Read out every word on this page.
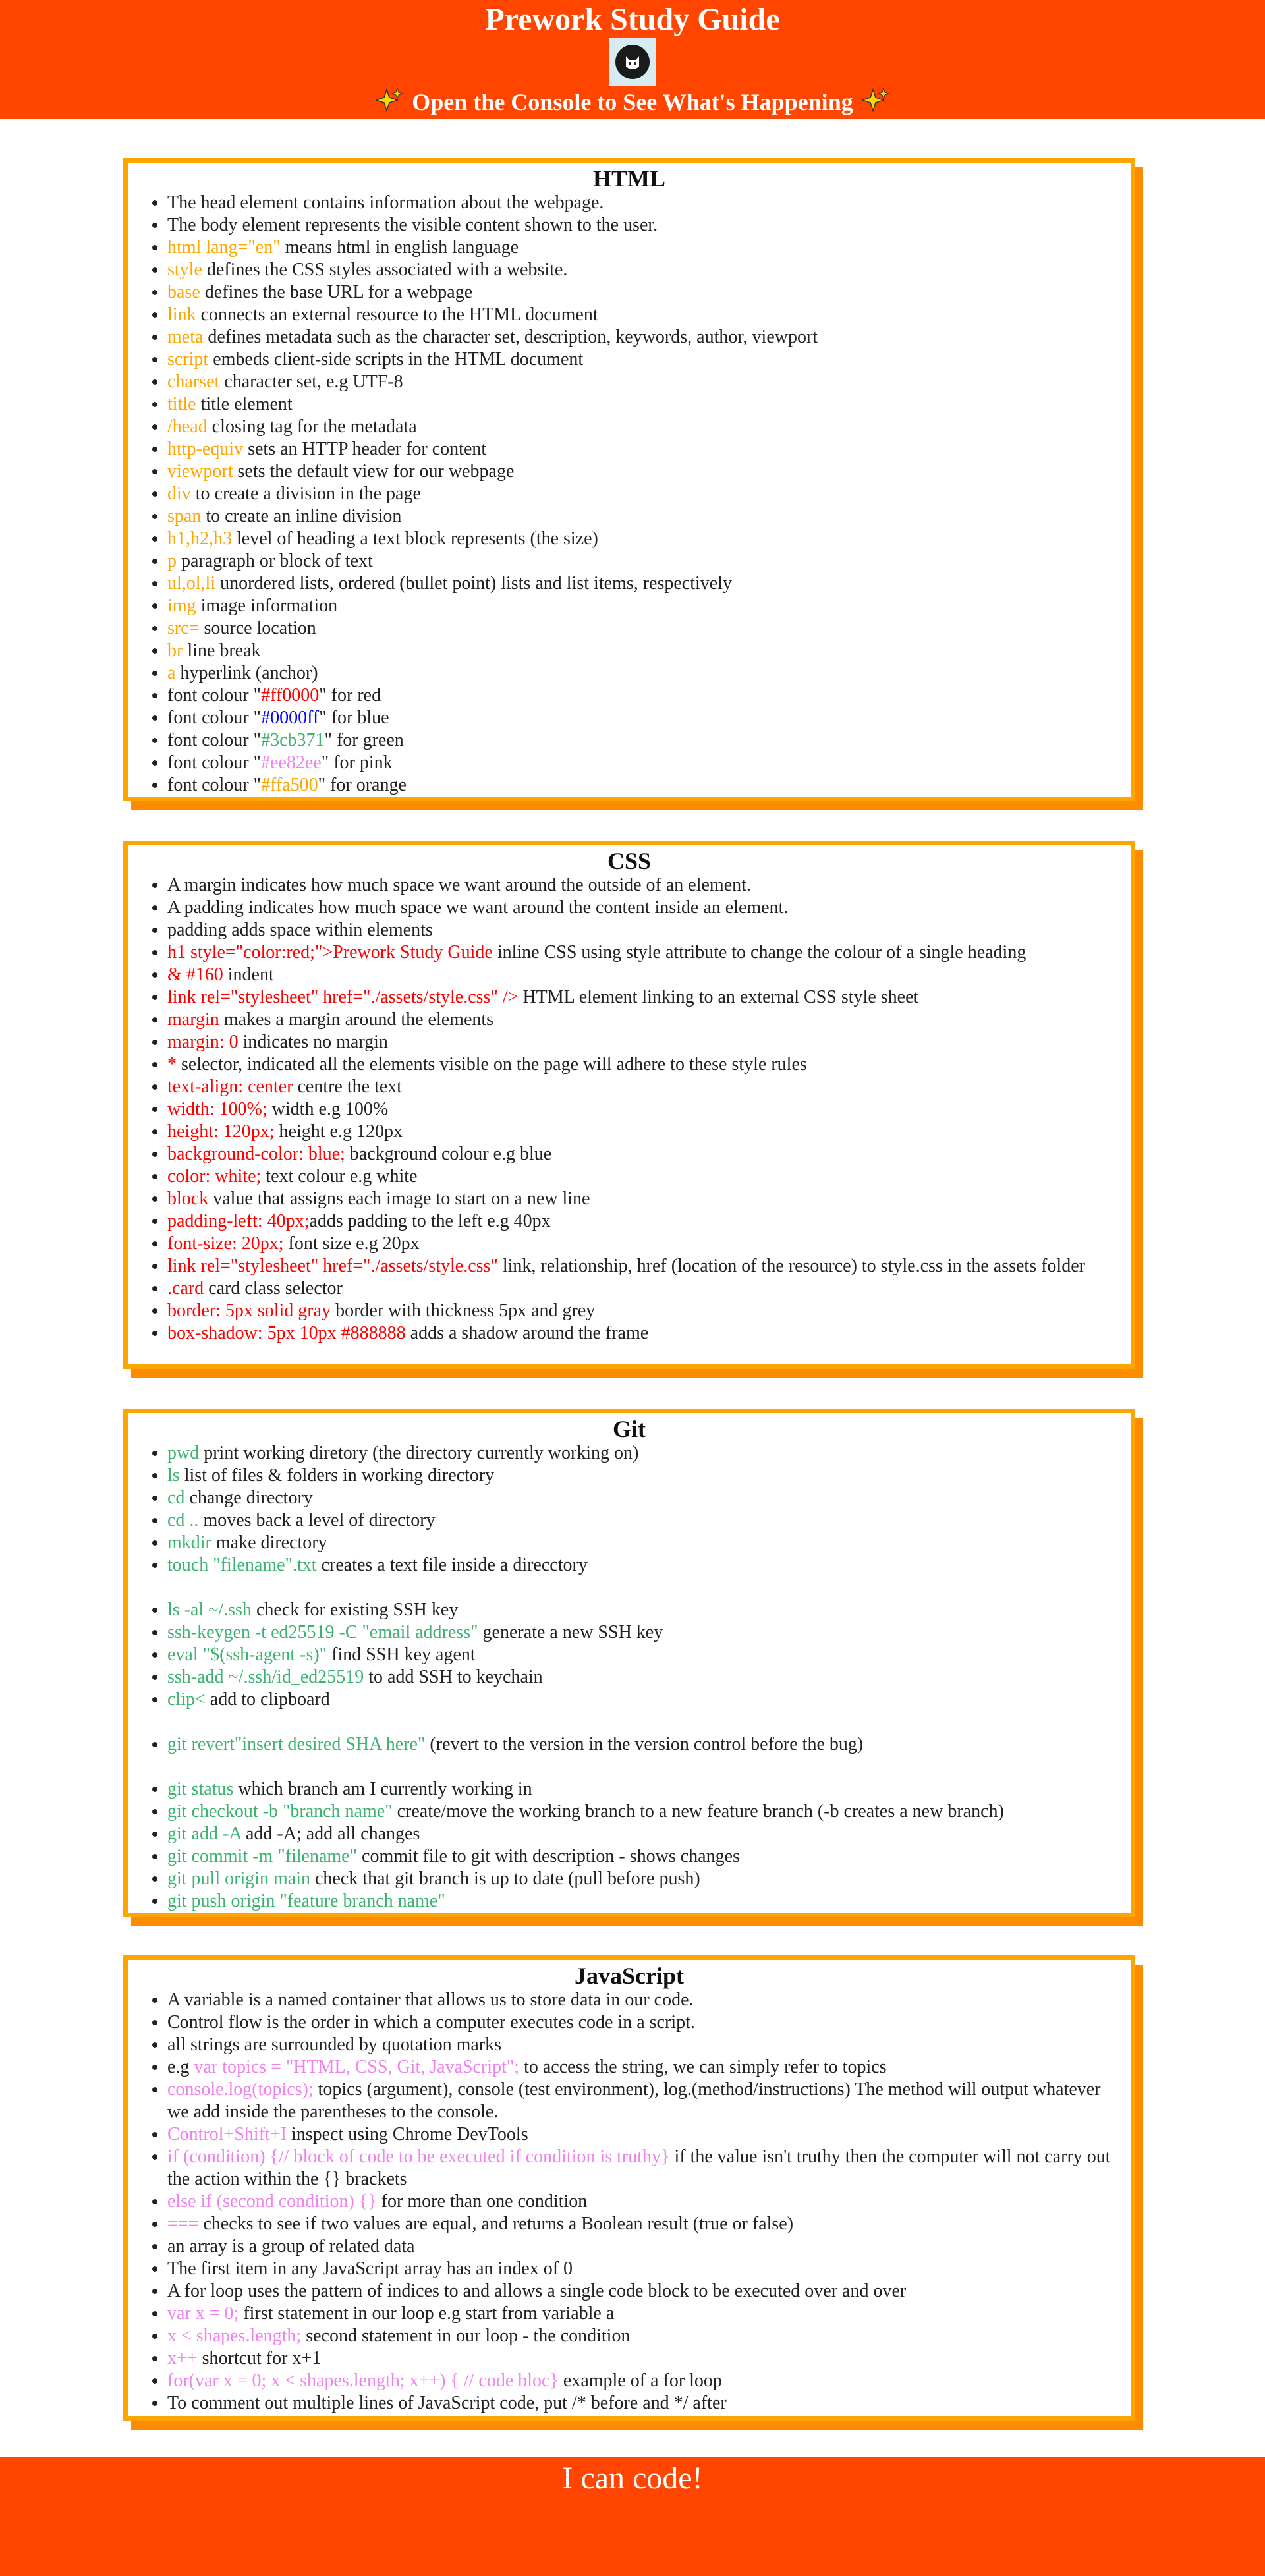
Prework Study Guide
Open the Console to See What's Happening
HTML
• The head element contains information about the webpage.
• The body element represents the visible content shown to the user.
• html lang="en" means html in english language
• style defines the CSS styles associated with a website.
• base defines the base URL for a webpage
• link connects an external resource to the HTML document
• meta defines metadata such as the character set, description, keywords, author, viewport
• script embeds client-side scripts in the HTML document
• charset character set, e.g UTF-8
• title title element
• /head closing tag for the metadata
• http-equiv sets an HTTP header for content
• viewport sets the default view for our webpage
• div to create a division in the page
• span to create an inline division
• h1,h2,h3 level of heading a text block represents (the size)
• p paragraph or block of text
• ul,ol,li unordered lists, ordered (bullet point) lists and list items, respectively
• img image information
• src= source location
• br line break
• a hyperlink (anchor)
• font colour "#ff0000" for red
• font colour "#0000ff" for blue
• font colour "#3cb371" for green
• font colour "#ee82ee" for pink
• font colour "#ffa500" for orange
CSS
• A margin indicates how much space we want around the outside of an element.
• A padding indicates how much space we want around the content inside an element.
• padding adds space within elements
• h1 style="color:red;">Prework Study Guide inline CSS using style attribute to change the colour of a single heading
• & #160 indent
• link rel="stylesheet" href="./assets/style.css" /> HTML element linking to an external CSS style sheet
• margin makes a margin around the elements
• margin: 0 indicates no margin
• * selector, indicated all the elements visible on the page will adhere to these style rules
• text-align: center centre the text
• width: 100%; width e.g 100%
• height: 120px; height e.g 120px
• background-color: blue; background colour e.g blue
• color: white; text colour e.g white
• block value that assigns each image to start on a new line
• padding-left: 40px;adds padding to the left e.g 40px
• font-size: 20px; font size e.g 20px
• link rel="stylesheet" href="./assets/style.css" link, relationship, href (location of the resource) to style.css in the assets folder
• .card card class selector
• border: 5px solid gray border with thickness 5px and grey
• box-shadow: 5px 10px #888888 adds a shadow around the frame
Git
• pwd print working diretory (the directory currently working on)
• ls list of files & folders in working directory
• cd change directory
• cd .. moves back a level of directory
• mkdir make directory
• touch "filename".txt creates a text file inside a direcctory
• ls -al ~/.ssh check for existing SSH key
• ssh-keygen -t ed25519 -C "email address" generate a new SSH key
• eval "$(ssh-agent -s)" find SSH key agent
• ssh-add ~/.ssh/id_ed25519 to add SSH to keychain
• clip< add to clipboard
• git revert"insert desired SHA here" (revert to the version in the version control before the bug)
• git status which branch am I currently working in
• git checkout -b "branch name" create/move the working branch to a new feature branch (-b creates a new branch)
• git add -A add -A; add all changes
• git commit -m "filename" commit file to git with description - shows changes
• git pull origin main check that git branch is up to date (pull before push)
• git push origin "feature branch name"
JavaScript
• A variable is a named container that allows us to store data in our code.
• Control flow is the order in which a computer executes code in a script.
• all strings are surrounded by quotation marks
• e.g var topics = "HTML, CSS, Git, JavaScript"; to access the string, we can simply refer to topics
• console.log(topics); topics (argument), console (test environment), log.(method/instructions) The method will output whatever we add inside the parentheses to the console.
• Control+Shift+I inspect using Chrome DevTools
• if (condition) {// block of code to be executed if condition is truthy} if the value isn't truthy then the computer will not carry out the action within the {} brackets
• else if (second condition) {} for more than one condition
• === checks to see if two values are equal, and returns a Boolean result (true or false)
• an array is a group of related data
• The first item in any JavaScript array has an index of 0
• A for loop uses the pattern of indices to and allows a single code block to be executed over and over
• var x = 0; first statement in our loop e.g start from variable a
• x < shapes.length; second statement in our loop - the condition
• x++ shortcut for x+1
• for(var x = 0; x < shapes.length; x++) { // code bloc} example of a for loop
• To comment out multiple lines of JavaScript code, put /* before and */ after

I can code!
